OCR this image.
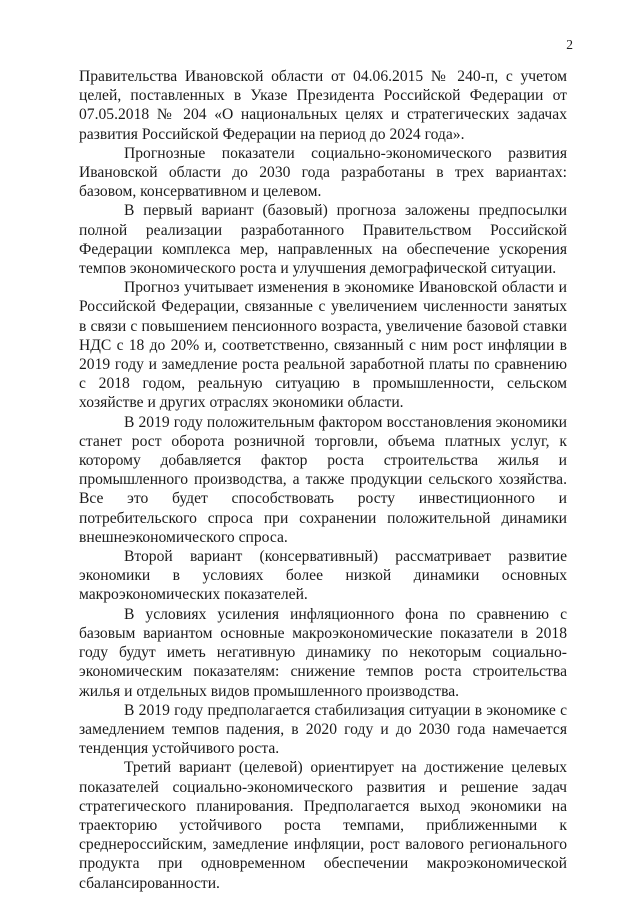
2

Правительства Ивановской области от 04.06.2015 № 240-п, с учетом целей, поставленных в Указе Президента Российской Федерации от 07.05.2018 № 204 «О национальных целях и стратегических задачах развития Российской Федерации на период до 2024 года».

Прогнозные показатели социально-экономического развития Ивановской области до 2030 года разработаны в трех вариантах: базовом, консервативном и целевом.

В первый вариант (базовый) прогноза заложены предпосылки полной реализации разработанного Правительством Российской Федерации комплекса мер, направленных на обеспечение ускорения темпов экономического роста и улучшения демографической ситуации.

Прогноз учитывает изменения в экономике Ивановской области и Российской Федерации, связанные с увеличением численности занятых в связи с повышением пенсионного возраста, увеличение базовой ставки НДС с 18 до 20% и, соответственно, связанный с ним рост инфляции в 2019 году и замедление роста реальной заработной платы по сравнению с 2018 годом, реальную ситуацию в промышленности, сельском хозяйстве и других отраслях экономики области.

В 2019 году положительным фактором восстановления экономики станет рост оборота розничной торговли, объема платных услуг, к которому добавляется фактор роста строительства жилья и промышленного производства, а также продукции сельского хозяйства. Все это будет способствовать росту инвестиционного и потребительского спроса при сохранении положительной динамики внешнеэкономического спроса.

Второй вариант (консервативный) рассматривает развитие экономики в условиях более низкой динамики основных макроэкономических показателей.

В условиях усиления инфляционного фона по сравнению с базовым вариантом основные макроэкономические показатели в 2018 году будут иметь негативную динамику по некоторым социально-экономическим показателям: снижение темпов роста строительства жилья и отдельных видов промышленного производства.

В 2019 году предполагается стабилизация ситуации в экономике с замедлением темпов падения, в 2020 году и до 2030 года намечается тенденция устойчивого роста.

Третий вариант (целевой) ориентирует на достижение целевых показателей социально-экономического развития и решение задач стратегического планирования. Предполагается выход экономики на траекторию устойчивого роста темпами, приближенными к среднероссийским, замедление инфляции, рост валового регионального продукта при одновременном обеспечении макроэкономической сбалансированности.
